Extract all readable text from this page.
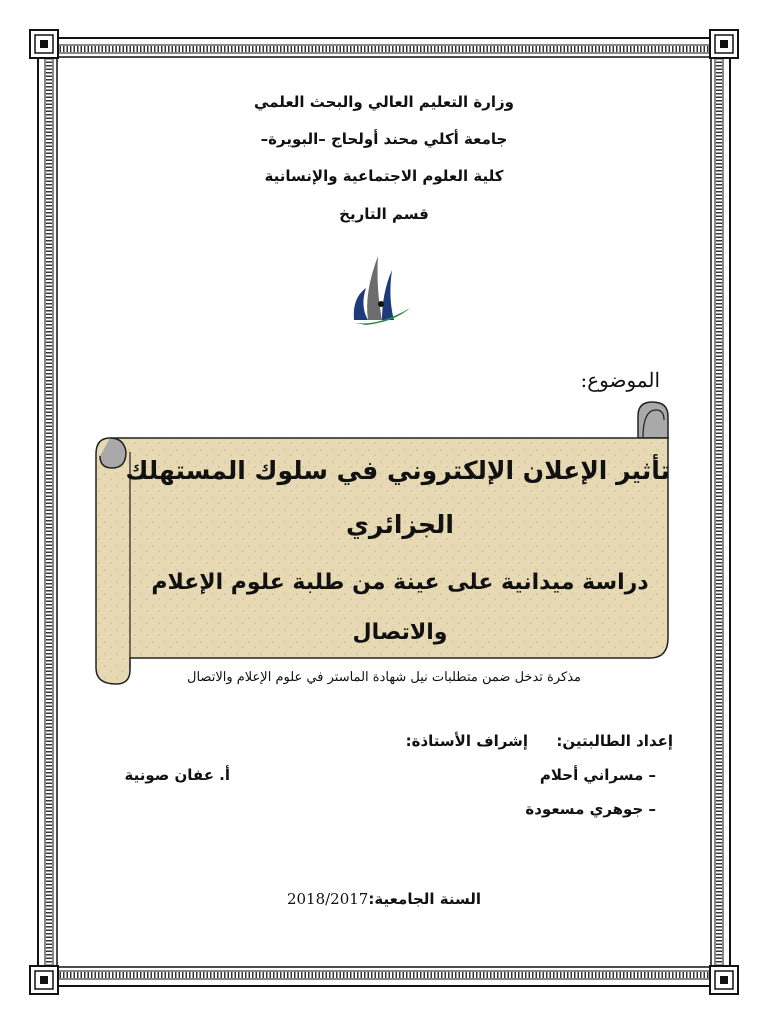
وزارة التعليم العالي والبحث العلمي
جامعة أكلي محند أولحاج –البويرة–
كلية العلوم الاجتماعية والإنسانية
قسم التاريخ
الموضوع:
تأثير الإعلان الإلكتروني في سلوك المستهلك
الجزائري
دراسة ميدانية على عينة من طلبة علوم الإعلام
والاتصال
مذكرة تدخل ضمن متطلبات نيل شهادة الماستر في علوم الإعلام والاتصال
إعداد الطالبتين:
إشراف الأستاذة:
– مسراني أحلام
أ. عفان صونية
– جوهري مسعودة
السنة الجامعية:2018/2017
